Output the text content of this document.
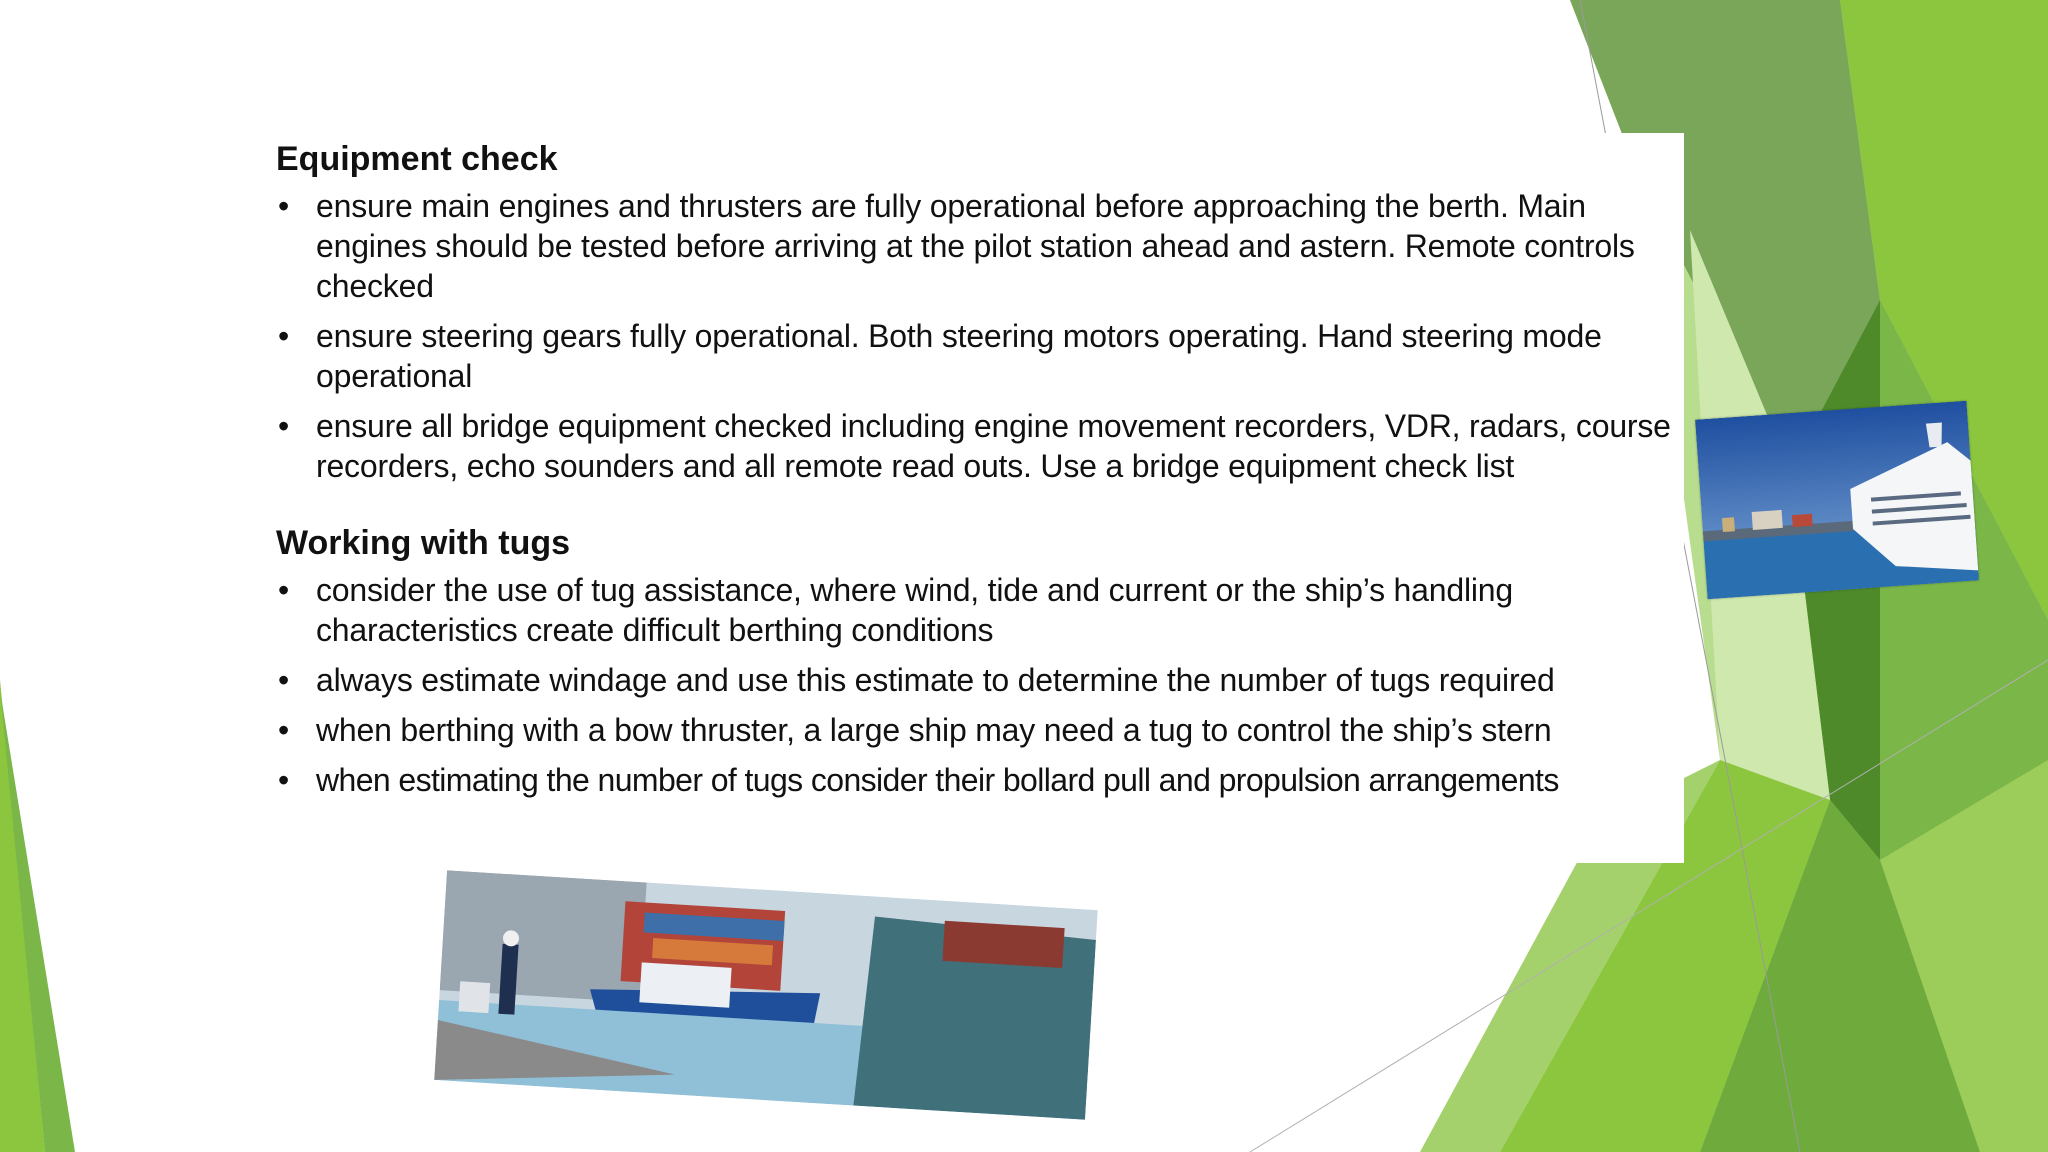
Equipment check
• ensure main engines and thrusters are fully operational before approaching the berth. Main engines should be tested before arriving at the pilot station ahead and astern. Remote controls checked
• ensure steering gears fully operational. Both steering motors operating. Hand steering mode operational
• ensure all bridge equipment checked including engine movement recorders, VDR, radars, course recorders, echo sounders and all remote read outs. Use a bridge equipment check list
Working with tugs
• consider the use of tug assistance, where wind, tide and current or the ship’s handling characteristics create difficult berthing conditions
• always estimate windage and use this estimate to determine the number of tugs required
• when berthing with a bow thruster, a large ship may need a tug to control the ship’s stern
• when estimating the number of tugs consider their bollard pull and propulsion arrangements
